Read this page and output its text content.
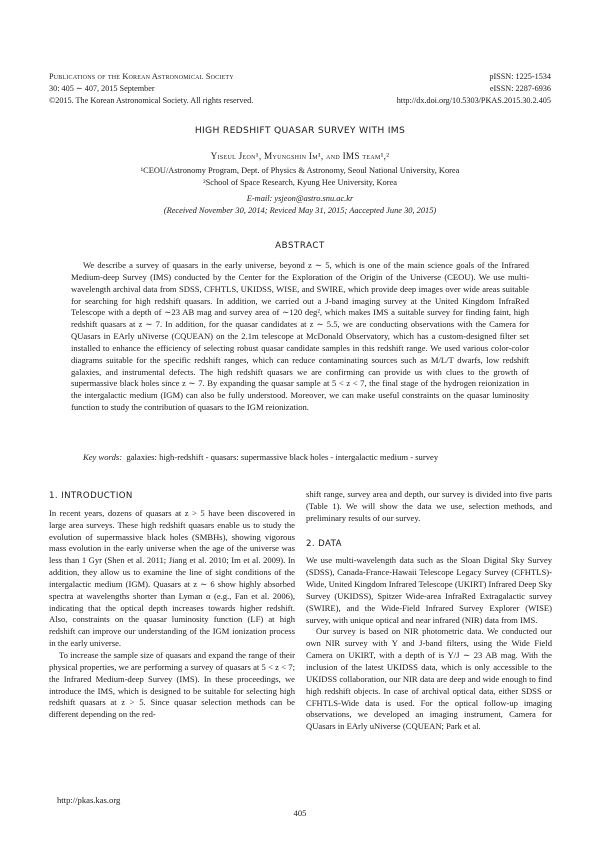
Publications of the Korean Astronomical Society
30: 405 ∼ 407, 2015 September
©2015. The Korean Astronomical Society. All rights reserved.
pISSN: 1225-1534
eISSN: 2287-6936
http://dx.doi.org/10.5303/PKAS.2015.30.2.405
HIGH REDSHIFT QUASAR SURVEY WITH IMS
Yiseul Jeon¹, Myungshin Im¹, and IMS team¹,²
¹CEOU/Astronomy Program, Dept. of Physics & Astronomy, Seoul National University, Korea
²School of Space Research, Kyung Hee University, Korea
E-mail: ysjeon@astro.snu.ac.kr
(Received November 30, 2014; Reviced May 31, 2015; Aaccepted June 30, 2015)
ABSTRACT

We describe a survey of quasars in the early universe, beyond z ∼ 5, which is one of the main science goals of the Infrared Medium-deep Survey (IMS) conducted by the Center for the Exploration of the Origin of the Universe (CEOU). We use multi-wavelength archival data from SDSS, CFHTLS, UKIDSS, WISE, and SWIRE, which provide deep images over wide areas suitable for searching for high redshift quasars. In addition, we carried out a J-band imaging survey at the United Kingdom InfraRed Telescope with a depth of ∼23 AB mag and survey area of ∼120 deg², which makes IMS a suitable survey for finding faint, high redshift quasars at z ∼ 7. In addition, for the quasar candidates at z ∼ 5.5, we are conducting observations with the Camera for QUasars in EArly uNiverse (CQUEAN) on the 2.1m telescope at McDonald Observatory, which has a custom-designed filter set installed to enhance the efficiency of selecting robust quasar candidate samples in this redshift range. We used various color-color diagrams suitable for the specific redshift ranges, which can reduce contaminating sources such as M/L/T dwarfs, low redshift galaxies, and instrumental defects. The high redshift quasars we are confirming can provide us with clues to the growth of supermassive black holes since z ∼ 7. By expanding the quasar sample at 5 < z < 7, the final stage of the hydrogen reionization in the intergalactic medium (IGM) can also be fully understood. Moreover, we can make useful constraints on the quasar luminosity function to study the contribution of quasars to the IGM reionization.

Key words: galaxies: high-redshift - quasars: supermassive black holes - intergalactic medium - survey

1. INTRODUCTION

In recent years, dozens of quasars at z > 5 have been discovered in large area surveys. These high redshift quasars enable us to study the evolution of supermassive black holes (SMBHs), showing vigorous mass evolution in the early universe when the age of the universe was less than 1 Gyr (Shen et al. 2011; Jiang et al. 2010; Im et al. 2009). In addition, they allow us to examine the line of sight conditions of the intergalactic medium (IGM). Quasars at z ∼ 6 show highly absorbed spectra at wavelengths shorter than Lyman α (e.g., Fan et al. 2006), indicating that the optical depth increases towards higher redshift. Also, constraints on the quasar luminosity function (LF) at high redshift can improve our understanding of the IGM ionization process in the early universe.

To increase the sample size of quasars and expand the range of their physical properties, we are performing a survey of quasars at 5 < z < 7; the Infrared Medium-deep Survey (IMS). In these proceedings, we introduce the IMS, which is designed to be suitable for selecting high redshift quasars at z > 5. Since quasar selection methods can be different depending on the red-

shift range, survey area and depth, our survey is divided into five parts (Table 1). We will show the data we use, selection methods, and preliminary results of our survey.

2. DATA

We use multi-wavelength data such as the Sloan Digital Sky Survey (SDSS), Canada-France-Hawaii Telescope Legacy Survey (CFHTLS)-Wide, United Kingdom Infrared Telescope (UKIRT) Infrared Deep Sky Survey (UKIDSS), Spitzer Wide-area InfraRed Extragalactic survey (SWIRE), and the Wide-Field Infrared Survey Explorer (WISE) survey, with unique optical and near infrared (NIR) data from IMS.

Our survey is based on NIR photometric data. We conducted our own NIR survey with Y and J-band filters, using the Wide Field Camera on UKIRT, with a depth of is Y/J ∼ 23 AB mag. With the inclusion of the latest UKIDSS data, which is only accessible to the UKIDSS collaboration, our NIR data are deep and wide enough to find high redshift objects. In case of archival optical data, either SDSS or CFHTLS-Wide data is used. For the optical follow-up imaging observations, we developed an imaging instrument, Camera for QUasars in EArly uNiverse (CQUEAN; Park et al.

http://pkas.kas.org
405
